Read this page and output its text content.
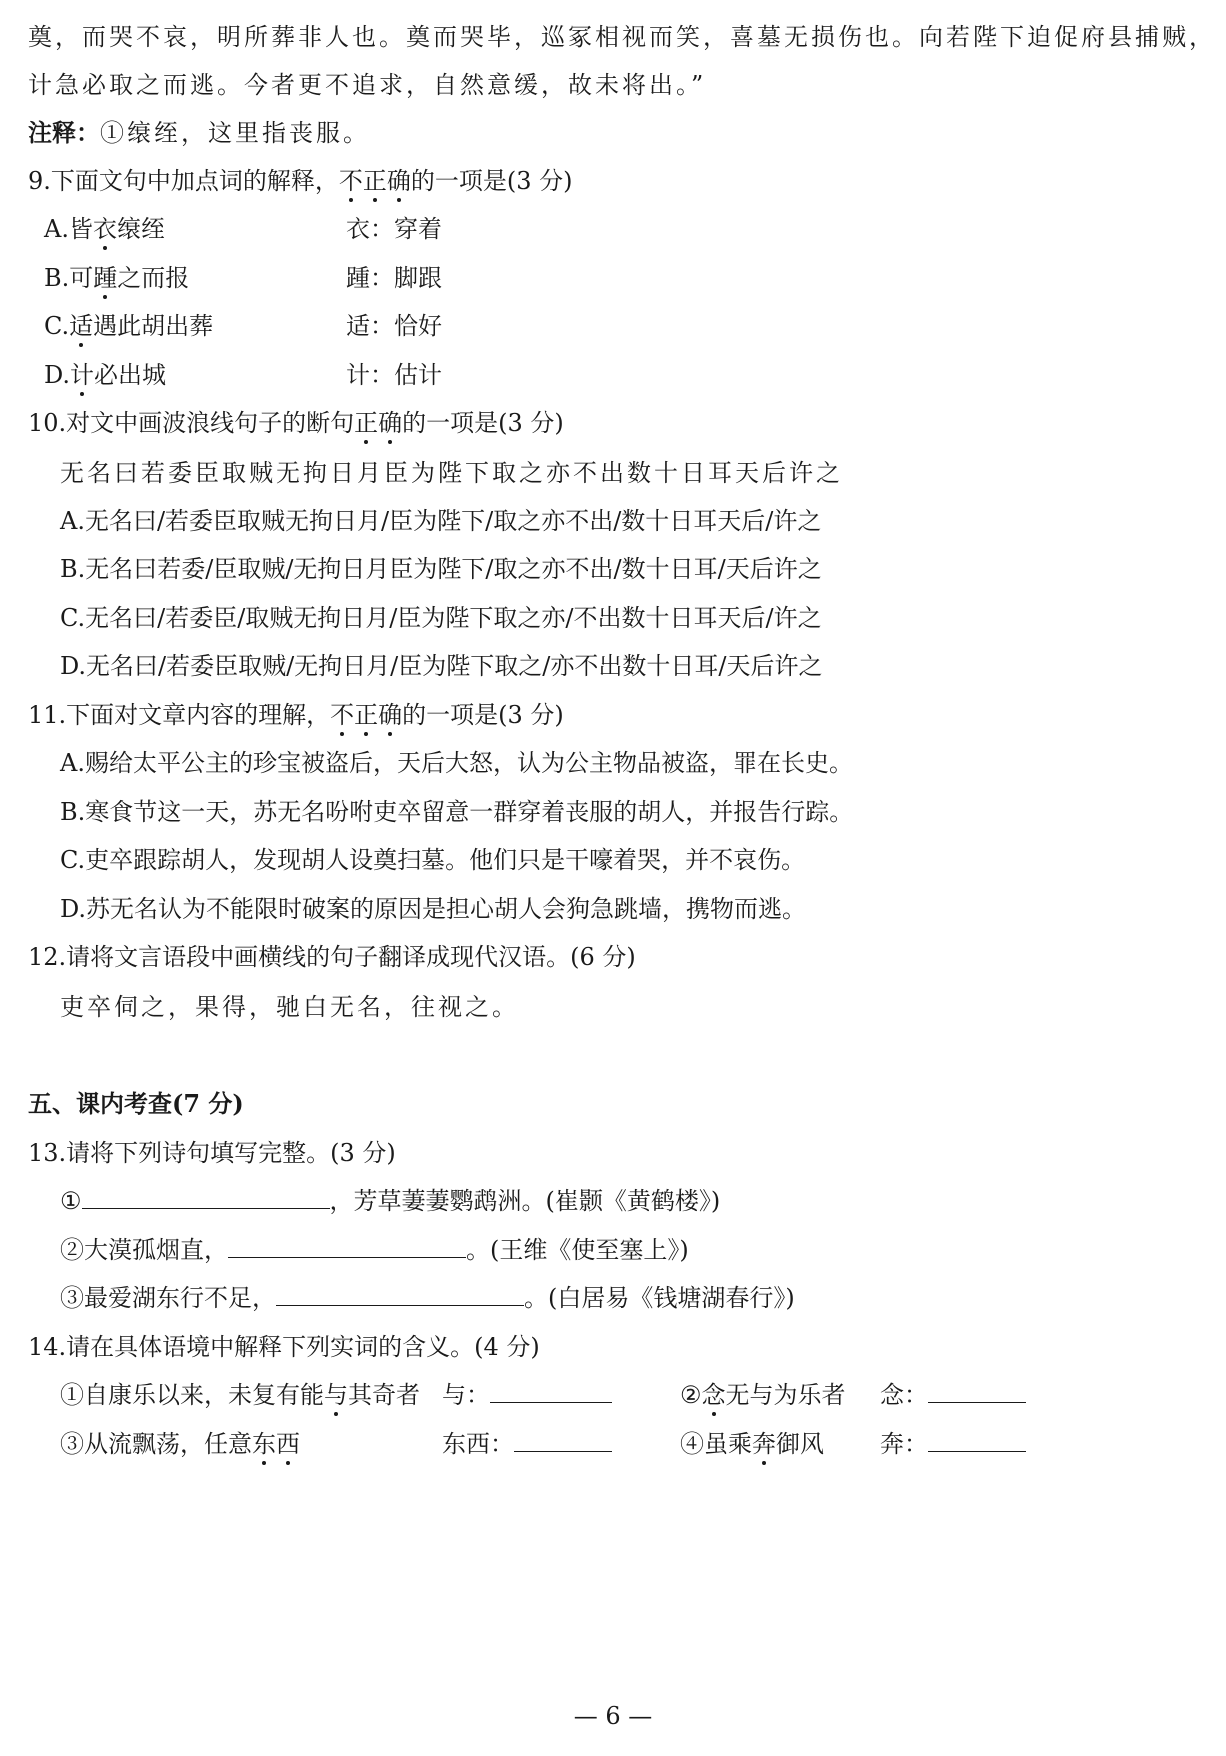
奠，而哭不哀，明所葬非人也。奠而哭毕，巡冢相视而笑，喜墓无损伤也。向若陛下迫促府县捕贼，
计急必取之而逃。今者更不追求，自然意缓，故未将出。”
注释：①缞绖，这里指丧服。
9.下面文句中加点词的解释，不正确的一项是(3 分)
A.皆衣缞绖	衣：穿着
B.可踵之而报	踵：脚跟
C.适遇此胡出葬	适：恰好
D.计必出城	计：估计
10.对文中画波浪线句子的断句正确的一项是(3 分)
无名曰若委臣取贼无拘日月臣为陛下取之亦不出数十日耳天后许之
A.无名曰/若委臣取贼无拘日月/臣为陛下/取之亦不出/数十日耳天后/许之
B.无名曰若委/臣取贼/无拘日月臣为陛下/取之亦不出/数十日耳/天后许之
C.无名曰/若委臣/取贼无拘日月/臣为陛下取之亦/不出数十日耳天后/许之
D.无名曰/若委臣取贼/无拘日月/臣为陛下取之/亦不出数十日耳/天后许之
11.下面对文章内容的理解，不正确的一项是(3 分)
A.赐给太平公主的珍宝被盗后，天后大怒，认为公主物品被盗，罪在长史。
B.寒食节这一天，苏无名吩咐吏卒留意一群穿着丧服的胡人，并报告行踪。
C.吏卒跟踪胡人，发现胡人设奠扫墓。他们只是干嚎着哭，并不哀伤。
D.苏无名认为不能限时破案的原因是担心胡人会狗急跳墙，携物而逃。
12.请将文言语段中画横线的句子翻译成现代汉语。(6 分)
吏卒伺之，果得，驰白无名，往视之。
五、课内考查(7 分)
13.请将下列诗句填写完整。(3 分)
①	，芳草萋萋鹦鹉洲。(崔颢《黄鹤楼》)
②大漠孤烟直，	。(王维《使至塞上》)
③最爱湖东行不足，	。(白居易《钱塘湖春行》)
14.请在具体语境中解释下列实词的含义。(4 分)
①自康乐以来，未复有能与其奇者 与：	②念无与为乐者 念：
③从流飘荡，任意东西	东西：	④虽乘奔御风 奔：
— 6 —
